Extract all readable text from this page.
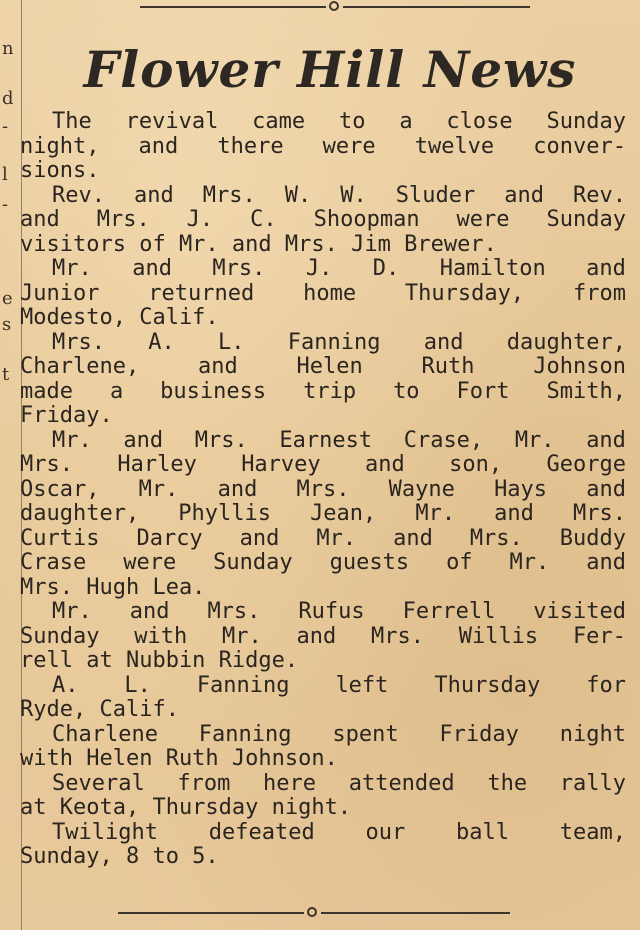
n
d
-
l
-
e
s
t
Flower Hill News
The revival came to a close Sunday
night, and there were twelve conver-
sions.
Rev. and Mrs. W. W. Sluder and Rev.
and Mrs. J. C. Shoopman were Sunday
visitors of Mr. and Mrs. Jim Brewer.
Mr. and Mrs. J. D. Hamilton and
Junior returned home Thursday, from
Modesto, Calif.
Mrs. A. L. Fanning and daughter,
Charlene,	and	Helen	Ruth	Johnson
made a business trip to Fort Smith,
Friday.
Mr. and Mrs. Earnest Crase, Mr. and
Mrs. Harley Harvey and son, George
Oscar, Mr. and Mrs. Wayne Hays and
daughter, Phyllis Jean, Mr. and Mrs.
Curtis Darcy and Mr. and Mrs. Buddy
Crase were Sunday guests of Mr. and
Mrs. Hugh Lea.
Mr. and Mrs. Rufus Ferrell visited
Sunday with Mr. and Mrs. Willis Fer-
rell at Nubbin Ridge.
A. L. Fanning left Thursday for
Ryde, Calif.
Charlene Fanning spent Friday night
with Helen Ruth Johnson.
Several from here attended the rally
at Keota, Thursday night.
Twilight defeated our ball team,
Sunday, 8 to 5.
